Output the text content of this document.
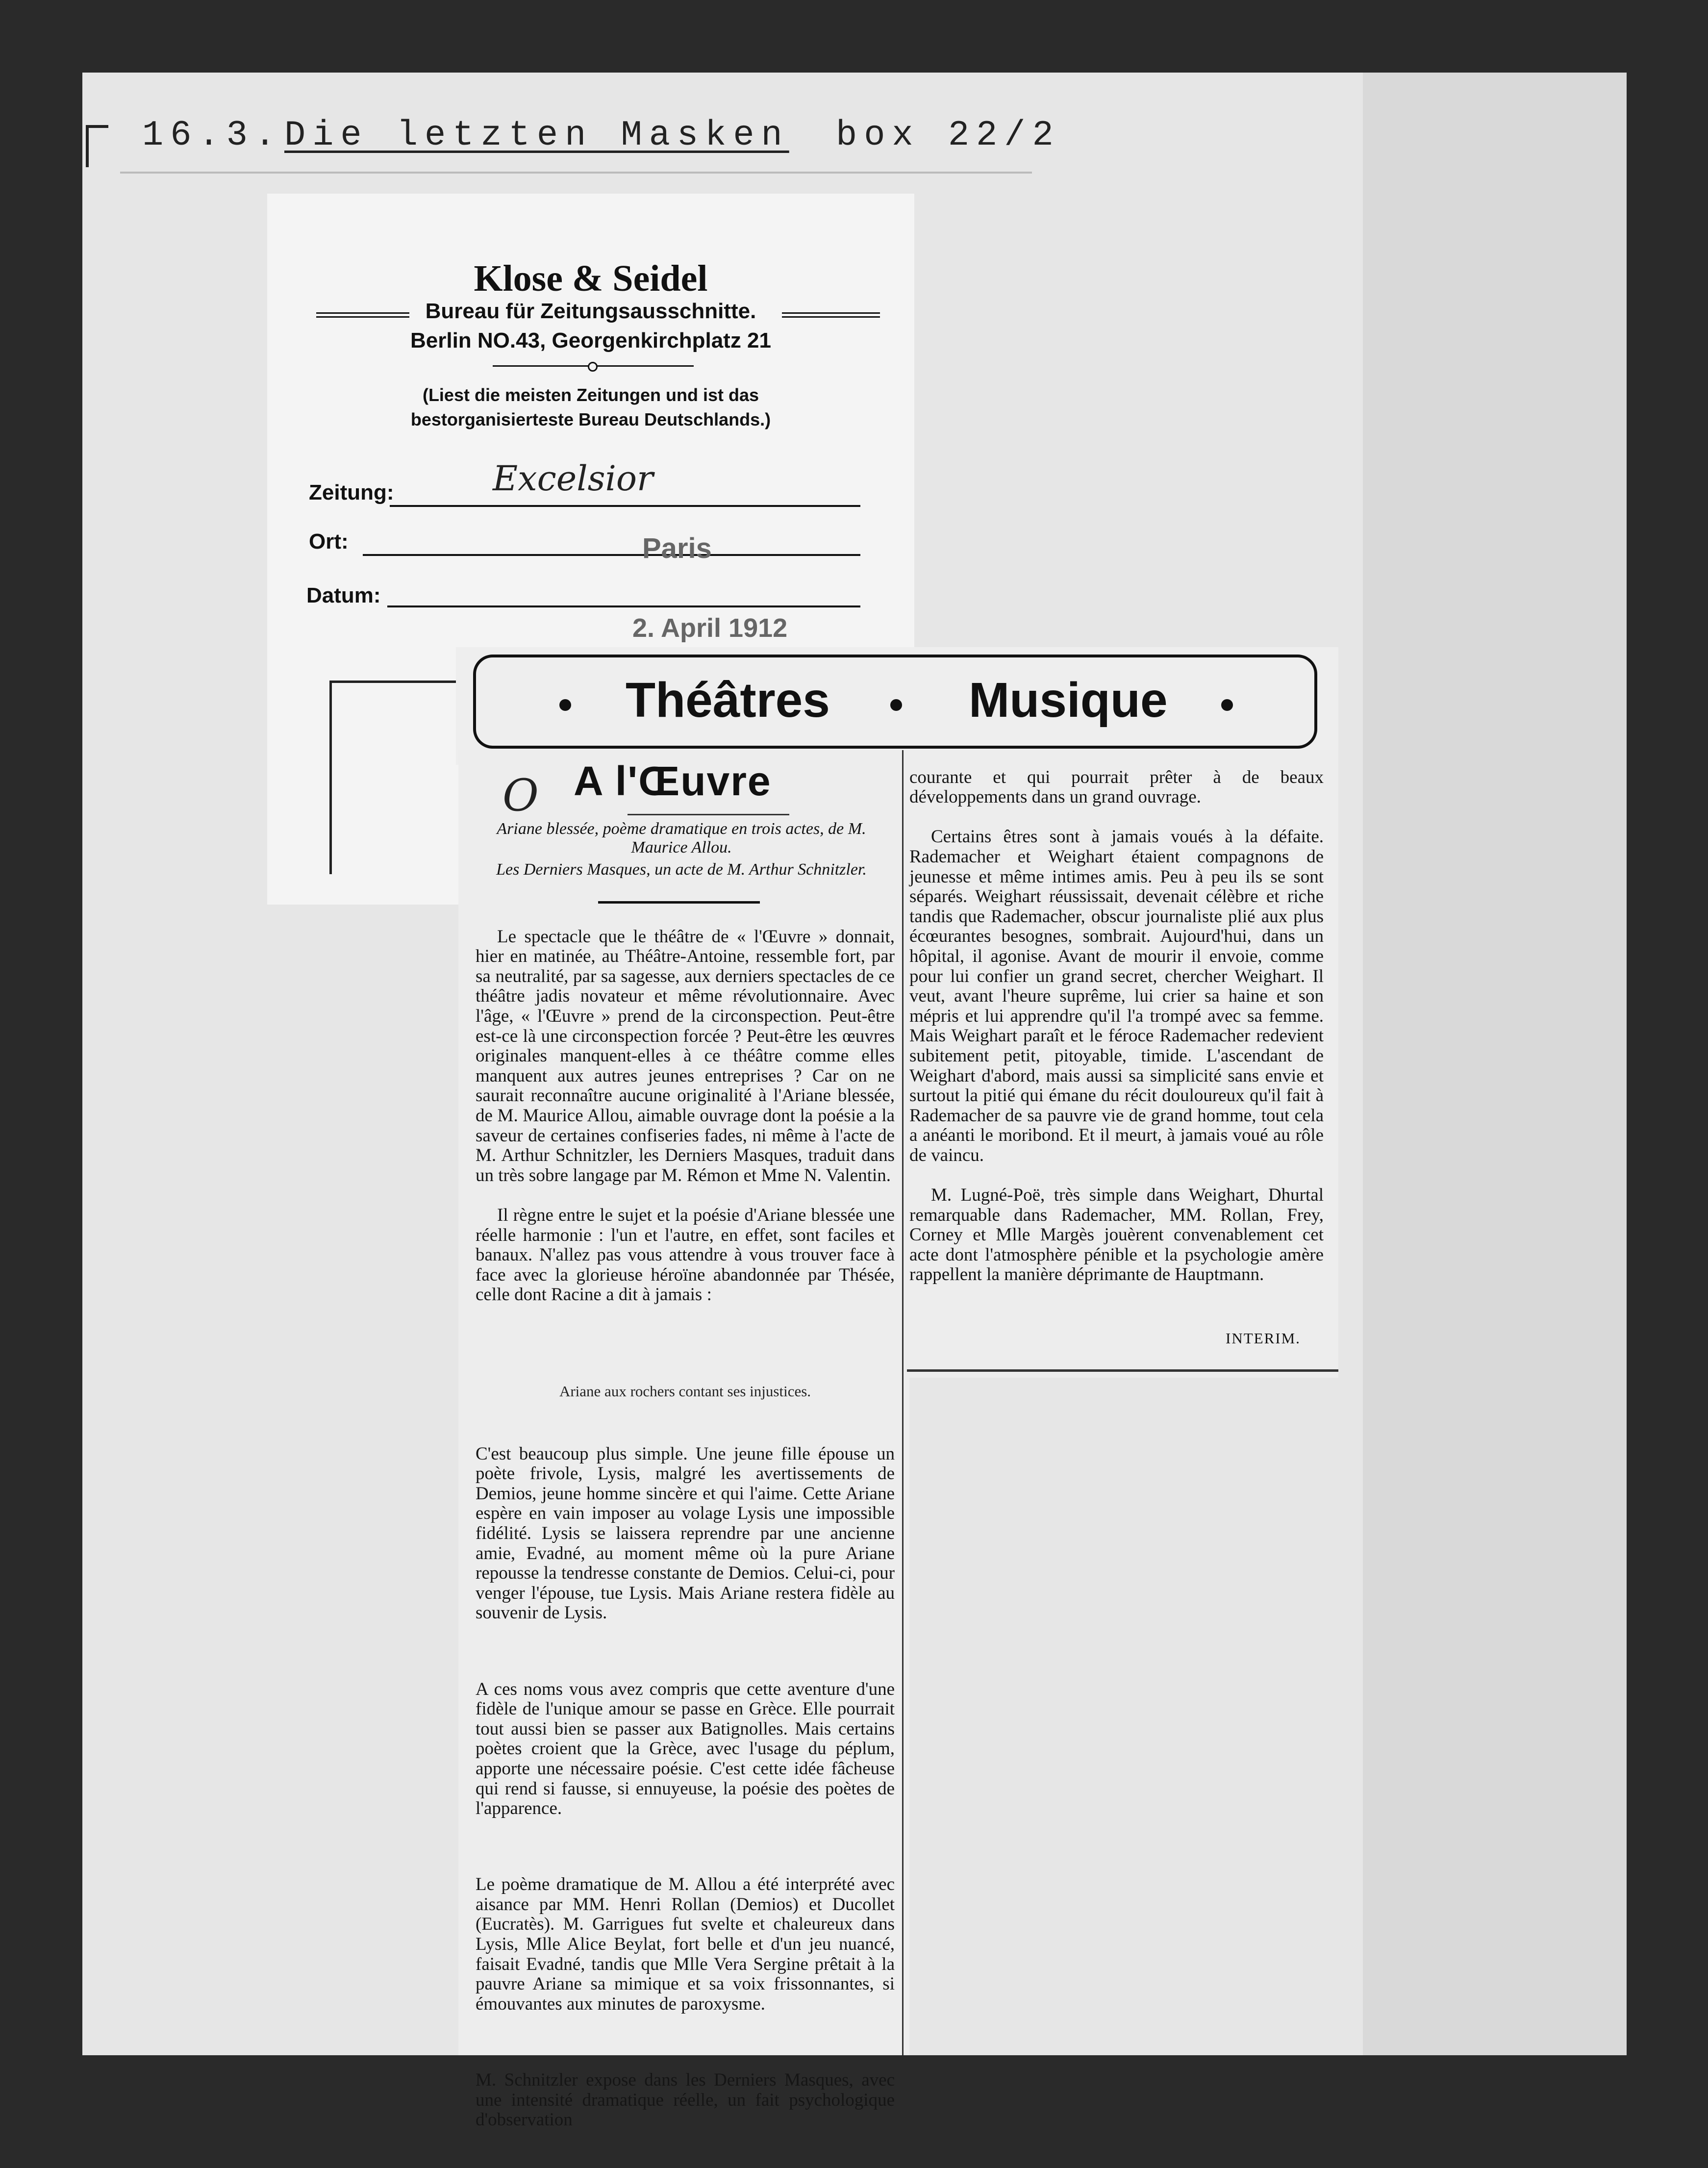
16.3. Die letzten Masken box 22/2
Klose & Seidel
Bureau für Zeitungsausschnitte.
Berlin NO.43, Georgenkirchplatz 21
(Liest die meisten Zeitungen und ist das
bestorganisierteste Bureau Deutschlands.)
Zeitung:	Excelsior
Ort:	Paris
Datum:
2. April 1912
Théâtres	Musique
O A l'Œuvre
Ariane blessée, poème dramatique en trois actes, de M. Maurice Allou.
Les Derniers Masques, un acte de M. Arthur Schnitzler.

Le spectacle que le théâtre de « l'Œuvre » donnait, hier en matinée, au Théâtre-Antoine, ressemble fort, par sa neutralité, par sa sagesse, aux derniers spectacles de ce théâtre jadis novateur et même révolutionnaire. Avec l'âge, « l'Œuvre » prend de la circonspection. Peut-être est-ce là une circonspection forcée ? Peut-être les œuvres originales manquent-elles à ce théâtre comme elles manquent aux autres jeunes entreprises ? Car on ne saurait reconnaître aucune originalité à l'Ariane blessée, de M. Maurice Allou, aimable ouvrage dont la poésie a la saveur de certaines confiseries fades, ni même à l'acte de M. Arthur Schnitzler, les Derniers Masques, traduit dans un très sobre langage par M. Rémon et Mme N. Valentin.

Il règne entre le sujet et la poésie d'Ariane blessée une réelle harmonie : l'un et l'autre, en effet, sont faciles et banaux. N'allez pas vous attendre à vous trouver face à face avec la glorieuse héroïne abandonnée par Thésée, celle dont Racine a dit à jamais :

Ariane aux rochers contant ses injustices.

C'est beaucoup plus simple. Une jeune fille épouse un poète frivole, Lysis, malgré les avertissements de Demios, jeune homme sincère et qui l'aime. Cette Ariane espère en vain imposer au volage Lysis une impossible fidélité. Lysis se laissera reprendre par une ancienne amie, Evadné, au moment même où la pure Ariane repousse la tendresse constante de Demios. Celui-ci, pour venger l'épouse, tue Lysis. Mais Ariane restera fidèle au souvenir de Lysis.

A ces noms vous avez compris que cette aventure d'une fidèle de l'unique amour se passe en Grèce. Elle pourrait tout aussi bien se passer aux Batignolles. Mais certains poètes croient que la Grèce, avec l'usage du péplum, apporte une nécessaire poésie. C'est cette idée fâcheuse qui rend si fausse, si ennuyeuse, la poésie des poètes de l'apparence.

Le poème dramatique de M. Allou a été interprété avec aisance par MM. Henri Rollan (Demios) et Ducollet (Eucratès). M. Garrigues fut svelte et chaleureux dans Lysis, Mlle Alice Beylat, fort belle et d'un jeu nuancé, faisait Evadné, tandis que Mlle Vera Sergine prêtait à la pauvre Ariane sa mimique et sa voix frissonnantes, si émouvantes aux minutes de paroxysme.

M. Schnitzler expose dans les Derniers Masques, avec une intensité dramatique réelle, un fait psychologique d'observation

courante et qui pourrait prêter à de beaux développements dans un grand ouvrage.

Certains êtres sont à jamais voués à la défaite. Rademacher et Weighart étaient compagnons de jeunesse et même intimes amis. Peu à peu ils se sont séparés. Weighart réussissait, devenait célèbre et riche tandis que Rademacher, obscur journaliste plié aux plus écœurantes besognes, sombrait. Aujourd'hui, dans un hôpital, il agonise. Avant de mourir il envoie, comme pour lui confier un grand secret, chercher Weighart. Il veut, avant l'heure suprême, lui crier sa haine et son mépris et lui apprendre qu'il l'a trompé avec sa femme. Mais Weighart paraît et le féroce Rademacher redevient subitement petit, pitoyable, timide. L'ascendant de Weighart d'abord, mais aussi sa simplicité sans envie et surtout la pitié qui émane du récit douloureux qu'il fait à Rademacher de sa pauvre vie de grand homme, tout cela a anéanti le moribond. Et il meurt, à jamais voué au rôle de vaincu.

M. Lugné-Poë, très simple dans Weighart, Dhurtal remarquable dans Rademacher, MM. Rollan, Frey, Corney et Mlle Margès jouèrent convenablement cet acte dont l'atmosphère pénible et la psychologie amère rappellent la manière déprimante de Hauptmann.

INTERIM.
